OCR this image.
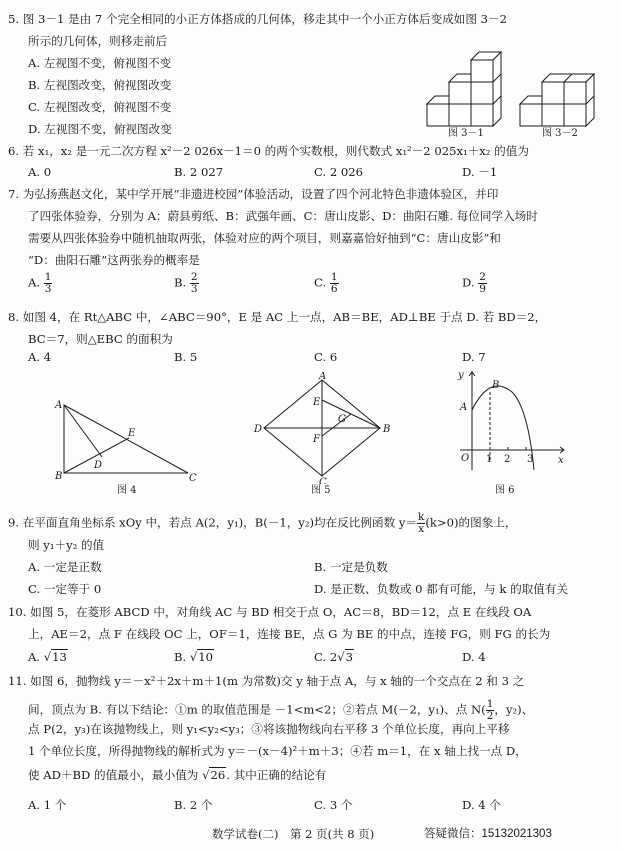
5. 图 3－1 是由 7 个完全相同的小正方体搭成的几何体，移走其中一个小正方体后变成如图 3－2
所示的几何体，则移走前后
A. 左视图不变，俯视图不变
B. 左视图改变，俯视图改变
C. 左视图改变，俯视图不变
D. 左视图不变，俯视图改变	图 3－1	图 3－2
6. 若 x₁，x₂ 是一元二次方程 x²－2 026x－1＝0 的两个实数根，则代数式 x₁²－2 025x₁＋x₂ 的值为
A. 0	B. 2 027	C. 2 026	D. －1
7. 为弘扬燕赵文化，某中学开展“非遗进校园”体验活动，设置了四个河北特色非遗体验区，并印
了四张体验券，分别为 A：蔚县剪纸、B：武强年画、C：唐山皮影、D：曲阳石雕. 每位同学入场时
需要从四张体验券中随机抽取两张，体验对应的两个项目，则嘉嘉恰好抽到“C：唐山皮影”和
“D：曲阳石雕”这两张券的概率是
A. $\frac{1}{3}$	B. $\frac{2}{3}$	C. $\frac{1}{6}$	D. $\frac{2}{9}$
8. 如图 4，在 Rt△ABC 中，∠ABC＝90°，E 是 AC 上一点，AB＝BE，AD⊥BE 于点 D. 若 BD＝2，
BC＝7，则△EBC 的面积为
A. 4	B. 5	C. 6	D. 7
A
B	C
D
E
图 4
A
B
C
D
E
F
G
图 5
y
x
A
B
O 1 2 3
图 6
9. 在平面直角坐标系 xOy 中，若点 A(2，y₁)，B(－1，y₂)均在反比例函数 $y= \frac{k}{x} (k>0)$的图象上，
则 y₁＋y₂ 的值
A. 一定是正数	B. 一定是负数
C. 一定等于 0	D. 是正数、负数或 0 都有可能，与 k 的取值有关
10. 如图 5，在菱形 ABCD 中，对角线 AC 与 BD 相交于点 O，AC＝8，BD＝12，点 E 在线段 OA
上，AE＝2，点 F 在线段 OC 上，OF＝1，连接 BE，点 G 为 BE 的中点，连接 FG，则 FG 的长为
A. √13	B. √10	C. 2√3	D. 4
11. 如图 6，抛物线 y＝－x²＋2x＋m＋1(m 为常数)交 y 轴于点 A，与 x 轴的一个交点在 2 和 3 之
间，顶点为 B. 有以下结论：①m 的取值范围是 －1<m<2；②若点 M(－2，y₁)、点 $N( \frac{1}{2}$ ，y₂)、
点 P(2，y₃)在该抛物线上，则 y₁<y₂<y₃；③将该抛物线向右平移 3 个单位长度，再向上平移
1 个单位长度，所得抛物线的解析式为 y＝－(x－4)²＋m＋3；④若 m＝1，在 x 轴上找一点 D，
使 AD＋BD 的值最小，最小值为 √26. 其中正确的结论有
A. 1 个	B. 2 个	C. 3 个	D. 4 个
数学试卷(二)　第 2 页(共 8 页)	答疑微信：15132021303
